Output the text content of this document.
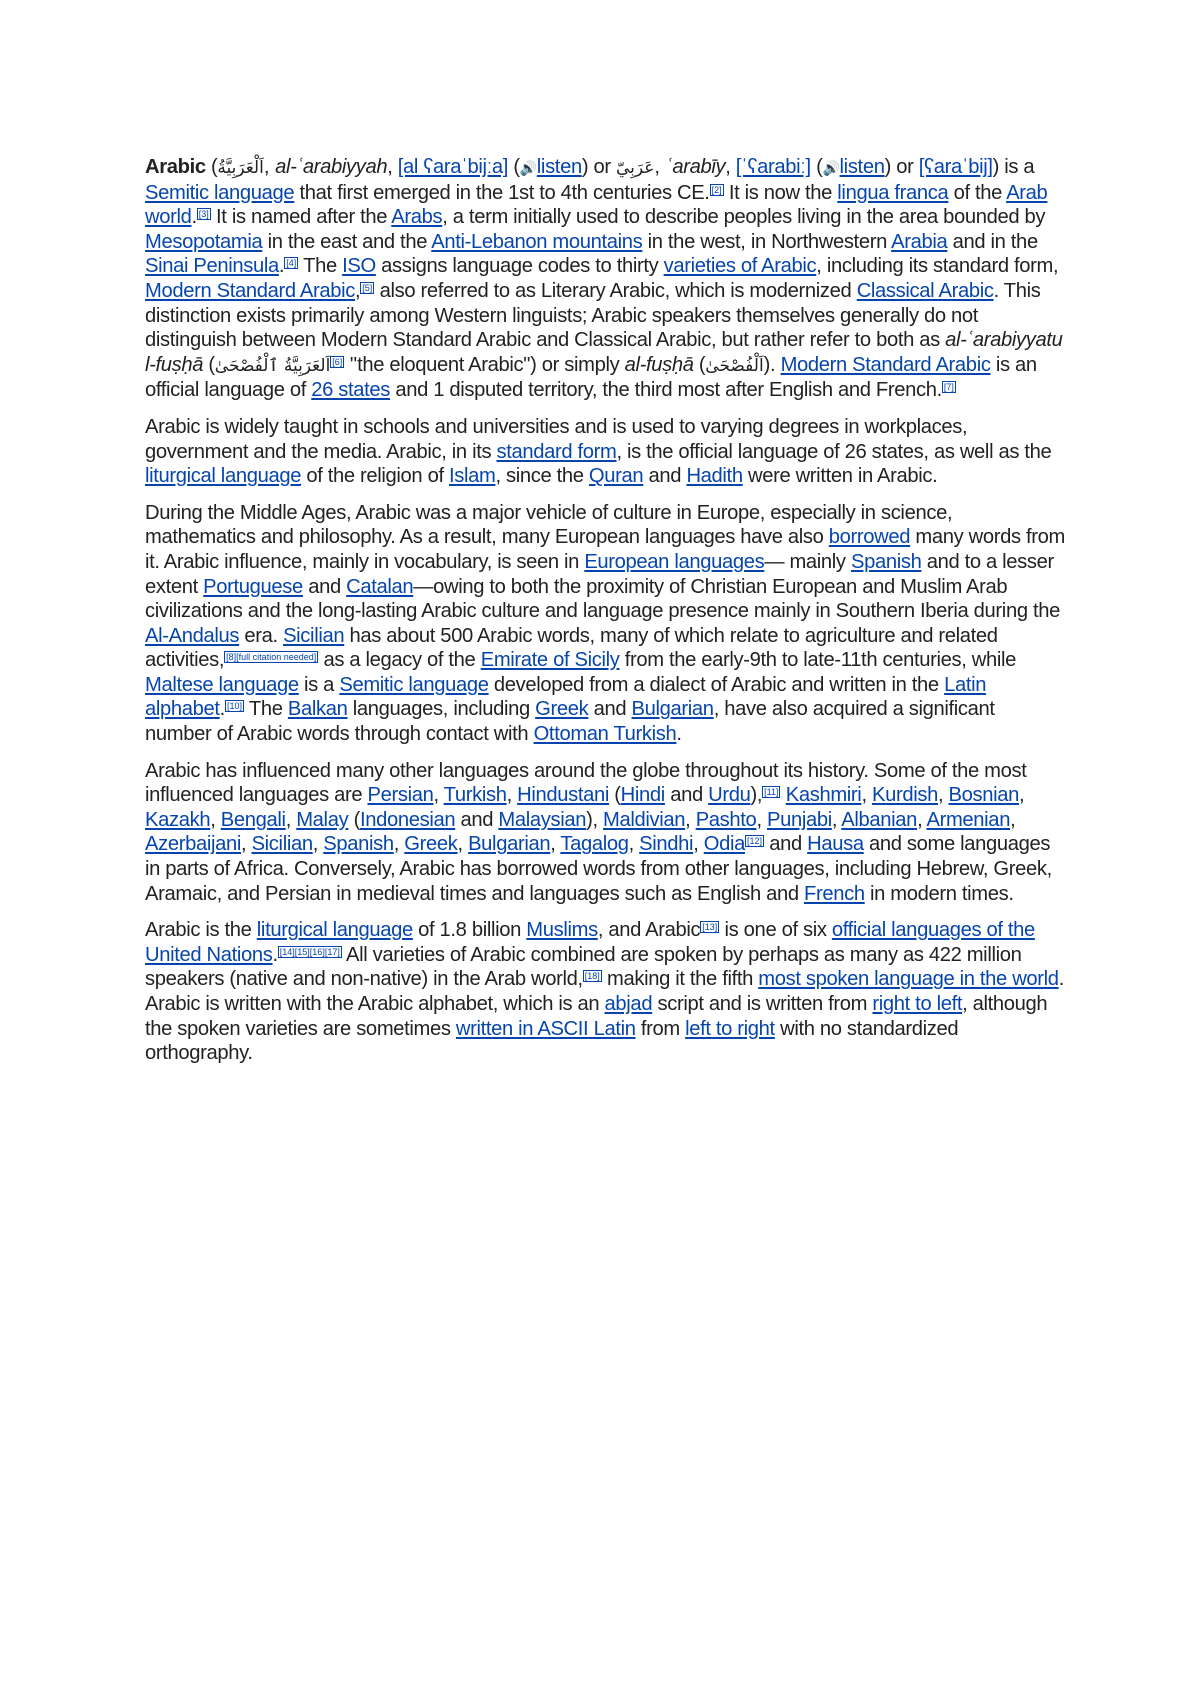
Arabic (اَلْعَرَبِيَّةُ, al-ʿarabiyyah, [al ʕaraˈbijːa] (🔊listen) or عَرَبِيّ, ʿarabīy, [ˈʕarabiː] (🔊listen) or [ʕaraˈbij]) is a Semitic language that first emerged in the 1st to 4th centuries CE. [2] It is now the lingua franca of the Arab world. [3] It is named after the Arabs, a term initially used to describe peoples living in the area bounded by Mesopotamia in the east and the Anti-Lebanon mountains in the west, in Northwestern Arabia and in the Sinai Peninsula. [4] The ISO assigns language codes to thirty varieties of Arabic, including its standard form, Modern Standard Arabic, [5] also referred to as Literary Arabic, which is modernized Classical Arabic. This distinction exists primarily among Western linguists; Arabic speakers themselves generally do not distinguish between Modern Standard Arabic and Classical Arabic, but rather refer to both as al-ʿarabiyyatu l-fuṣḥā (اَلعَرَبِيَّةُ ٱلْفُصْحَىٰ [6] "the eloquent Arabic") or simply al-fuṣḥā (اَلْفُصْحَىٰ). Modern Standard Arabic is an official language of 26 states and 1 disputed territory, the third most after English and French. [7]

Arabic is widely taught in schools and universities and is used to varying degrees in workplaces, government and the media. Arabic, in its standard form, is the official language of 26 states, as well as the liturgical language of the religion of Islam, since the Quran and Hadith were written in Arabic.

During the Middle Ages, Arabic was a major vehicle of culture in Europe, especially in science, mathematics and philosophy. As a result, many European languages have also borrowed many words from it. Arabic influence, mainly in vocabulary, is seen in European languages— mainly Spanish and to a lesser extent Portuguese and Catalan—owing to both the proximity of Christian European and Muslim Arab civilizations and the long-lasting Arabic culture and language presence mainly in Southern Iberia during the Al-Andalus era. Sicilian has about 500 Arabic words, many of which relate to agriculture and related activities, [8][full citation needed] as a legacy of the Emirate of Sicily from the early-9th to late-11th centuries, while Maltese language is a Semitic language developed from a dialect of Arabic and written in the Latin alphabet. [10] The Balkan languages, including Greek and Bulgarian, have also acquired a significant number of Arabic words through contact with Ottoman Turkish.

Arabic has influenced many other languages around the globe throughout its history. Some of the most influenced languages are Persian, Turkish, Hindustani (Hindi and Urdu), [11] Kashmiri, Kurdish, Bosnian, Kazakh, Bengali, Malay (Indonesian and Malaysian), Maldivian, Pashto, Punjabi, Albanian, Armenian, Azerbaijani, Sicilian, Spanish, Greek, Bulgarian, Tagalog, Sindhi, Odia [12] and Hausa and some languages in parts of Africa. Conversely, Arabic has borrowed words from other languages, including Hebrew, Greek, Aramaic, and Persian in medieval times and languages such as English and French in modern times.

Arabic is the liturgical language of 1.8 billion Muslims, and Arabic [13] is one of six official languages of the United Nations. [14][15][16][17] All varieties of Arabic combined are spoken by perhaps as many as 422 million speakers (native and non-native) in the Arab world, [18] making it the fifth most spoken language in the world. Arabic is written with the Arabic alphabet, which is an abjad script and is written from right to left, although the spoken varieties are sometimes written in ASCII Latin from left to right with no standardized orthography.
